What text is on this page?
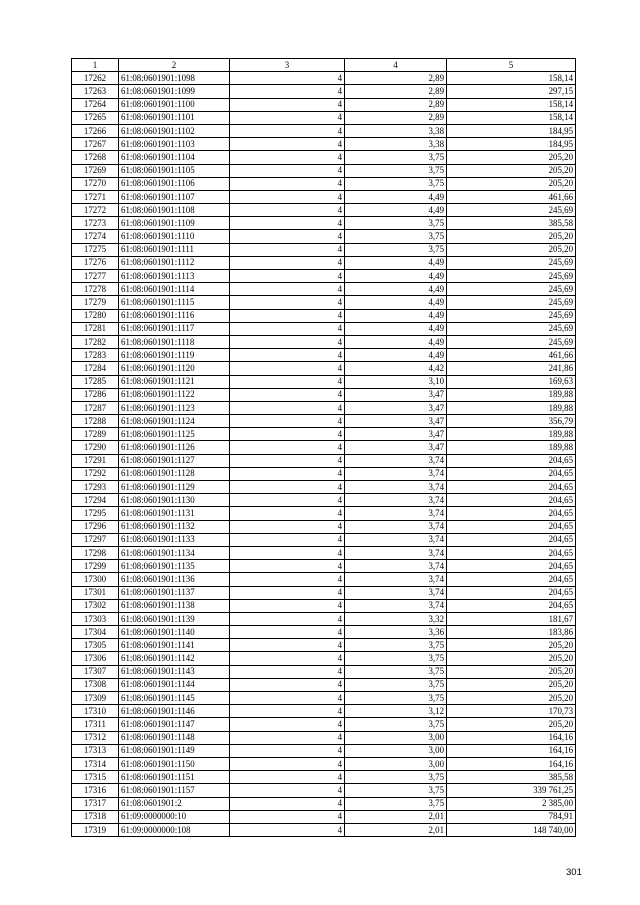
1	2	3	4	5
17262	61:08:0601901:1098	4	2,89	158,14
17263	61:08:0601901:1099	4	2,89	297,15
17264	61:08:0601901:1100	4	2,89	158,14
17265	61:08:0601901:1101	4	2,89	158,14
17266	61:08:0601901:1102	4	3,38	184,95
17267	61:08:0601901:1103	4	3,38	184,95
17268	61:08:0601901:1104	4	3,75	205,20
17269	61:08:0601901:1105	4	3,75	205,20
17270	61:08:0601901:1106	4	3,75	205,20
17271	61:08:0601901:1107	4	4,49	461,66
17272	61:08:0601901:1108	4	4,49	245,69
17273	61:08:0601901:1109	4	3,75	385,58
17274	61:08:0601901:1110	4	3,75	205,20
17275	61:08:0601901:1111	4	3,75	205,20
17276	61:08:0601901:1112	4	4,49	245,69
17277	61:08:0601901:1113	4	4,49	245,69
17278	61:08:0601901:1114	4	4,49	245,69
17279	61:08:0601901:1115	4	4,49	245,69
17280	61:08:0601901:1116	4	4,49	245,69
17281	61:08:0601901:1117	4	4,49	245,69
17282	61:08:0601901:1118	4	4,49	245,69
17283	61:08:0601901:1119	4	4,49	461,66
17284	61:08:0601901:1120	4	4,42	241,86
17285	61:08:0601901:1121	4	3,10	169,63
17286	61:08:0601901:1122	4	3,47	189,88
17287	61:08:0601901:1123	4	3,47	189,88
17288	61:08:0601901:1124	4	3,47	356,79
17289	61:08:0601901:1125	4	3,47	189,88
17290	61:08:0601901:1126	4	3,47	189,88
17291	61:08:0601901:1127	4	3,74	204,65
17292	61:08:0601901:1128	4	3,74	204,65
17293	61:08:0601901:1129	4	3,74	204,65
17294	61:08:0601901:1130	4	3,74	204,65
17295	61:08:0601901:1131	4	3,74	204,65
17296	61:08:0601901:1132	4	3,74	204,65
17297	61:08:0601901:1133	4	3,74	204,65
17298	61:08:0601901:1134	4	3,74	204,65
17299	61:08:0601901:1135	4	3,74	204,65
17300	61:08:0601901:1136	4	3,74	204,65
17301	61:08:0601901:1137	4	3,74	204,65
17302	61:08:0601901:1138	4	3,74	204,65
17303	61:08:0601901:1139	4	3,32	181,67
17304	61:08:0601901:1140	4	3,36	183,86
17305	61:08:0601901:1141	4	3,75	205,20
17306	61:08:0601901:1142	4	3,75	205,20
17307	61:08:0601901:1143	4	3,75	205,20
17308	61:08:0601901:1144	4	3,75	205,20
17309	61:08:0601901:1145	4	3,75	205,20
17310	61:08:0601901:1146	4	3,12	170,73
17311	61:08:0601901:1147	4	3,75	205,20
17312	61:08:0601901:1148	4	3,00	164,16
17313	61:08:0601901:1149	4	3,00	164,16
17314	61:08:0601901:1150	4	3,00	164,16
17315	61:08:0601901:1151	4	3,75	385,58
17316	61:08:0601901:1157	4	3,75	339 761,25
17317	61:08:0601901:2	4	3,75	2 385,00
17318	61:09:0000000:10	4	2,01	784,91
17319	61:09:0000000:108	4	2,01	148 740,00
301
